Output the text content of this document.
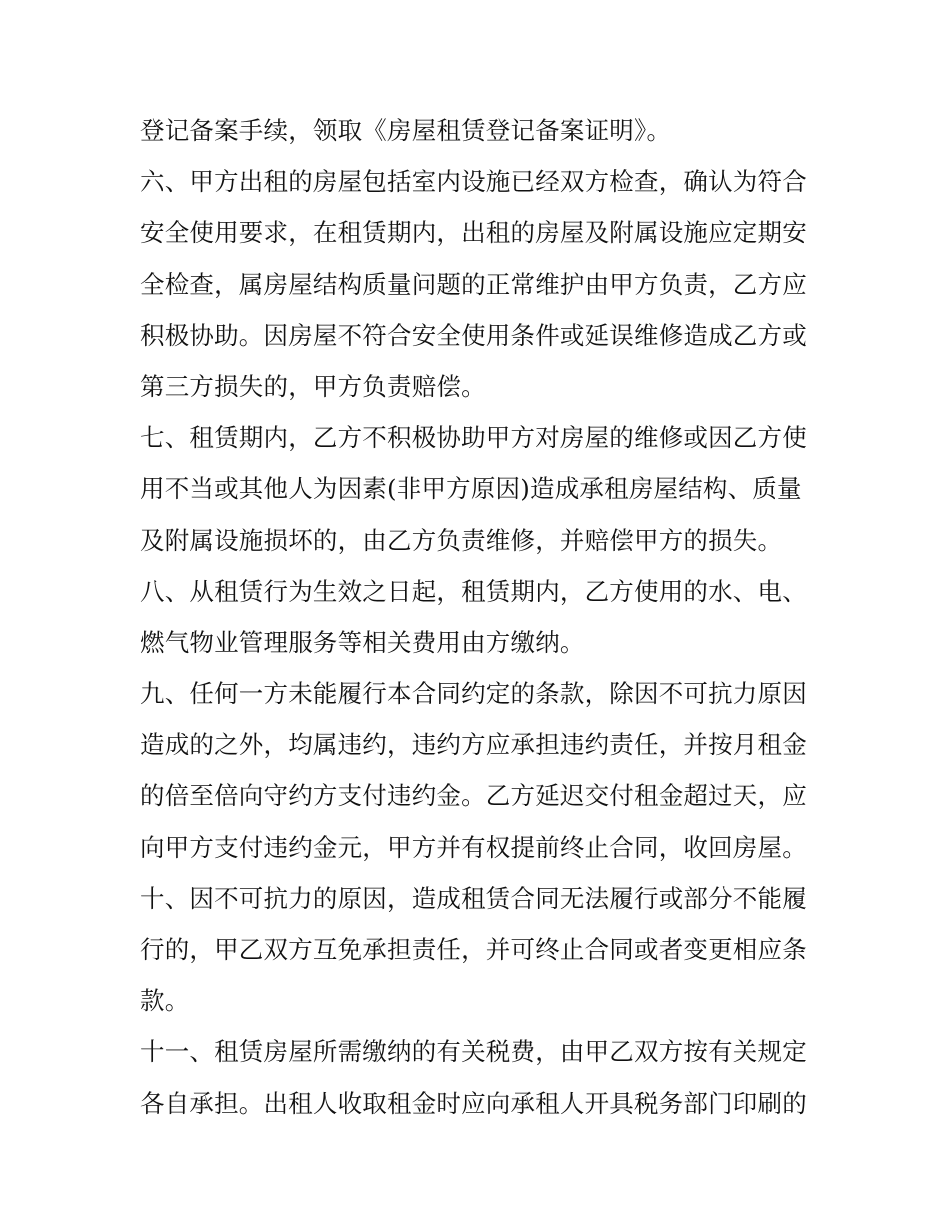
登记备案手续，领取《房屋租赁登记备案证明》。
六、甲方出租的房屋包括室内设施已经双方检查，确认为符合
安全使用要求，在租赁期内，出租的房屋及附属设施应定期安
全检查，属房屋结构质量问题的正常维护由甲方负责，乙方应
积极协助。因房屋不符合安全使用条件或延误维修造成乙方或
第三方损失的，甲方负责赔偿。
七、租赁期内，乙方不积极协助甲方对房屋的维修或因乙方使
用不当或其他人为因素(非甲方原因)造成承租房屋结构、质量
及附属设施损坏的，由乙方负责维修，并赔偿甲方的损失。
八、从租赁行为生效之日起，租赁期内，乙方使用的水、电、
燃气物业管理服务等相关费用由方缴纳。
九、任何一方未能履行本合同约定的条款，除因不可抗力原因
造成的之外，均属违约，违约方应承担违约责任，并按月租金
的倍至倍向守约方支付违约金。乙方延迟交付租金超过天，应
向甲方支付违约金元，甲方并有权提前终止合同，收回房屋。
十、因不可抗力的原因，造成租赁合同无法履行或部分不能履
行的，甲乙双方互免承担责任，并可终止合同或者变更相应条
款。
十一、租赁房屋所需缴纳的有关税费，由甲乙双方按有关规定
各自承担。出租人收取租金时应向承租人开具税务部门印刷的
